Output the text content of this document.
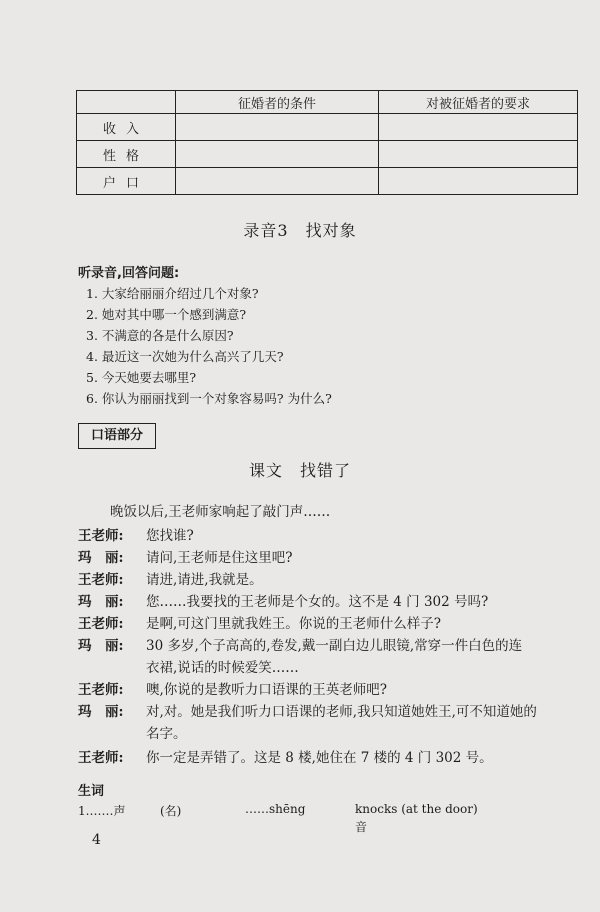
	征婚者的条件	对被征婚者的要求
收入		
性格		
户口		
录音3　找对象
听录音,回答问题:
1. 大家给丽丽介绍过几个对象?
2. 她对其中哪一个感到满意?
3. 不满意的各是什么原因?
4. 最近这一次她为什么高兴了几天?
5. 今天她要去哪里?
6. 你认为丽丽找到一个对象容易吗? 为什么?
口语部分
课文　找错了
晚饭以后,王老师家响起了敲门声……
王老师:	您找谁?
玛　丽:	请问,王老师是住这里吧?
王老师:	请进,请进,我就是。
玛　丽:	您……我要找的王老师是个女的。这不是 4 门 302 号吗?
王老师:	是啊,可这门里就我姓王。你说的王老师什么样子?
玛　丽:	30 多岁,个子高高的,卷发,戴一副白边儿眼镜,常穿一件白色的连
衣裙,说话的时候爱笑……
王老师:	噢,你说的是教听力口语课的王英老师吧?
玛　丽:	对,对。她是我们听力口语课的老师,我只知道她姓王,可不知道她的
名字。
王老师:	你一定是弄错了。这是 8 楼,她住在 7 楼的 4 门 302 号。
生词
1.……声	(名)	……shēng	knocks (at the door)
音
4
